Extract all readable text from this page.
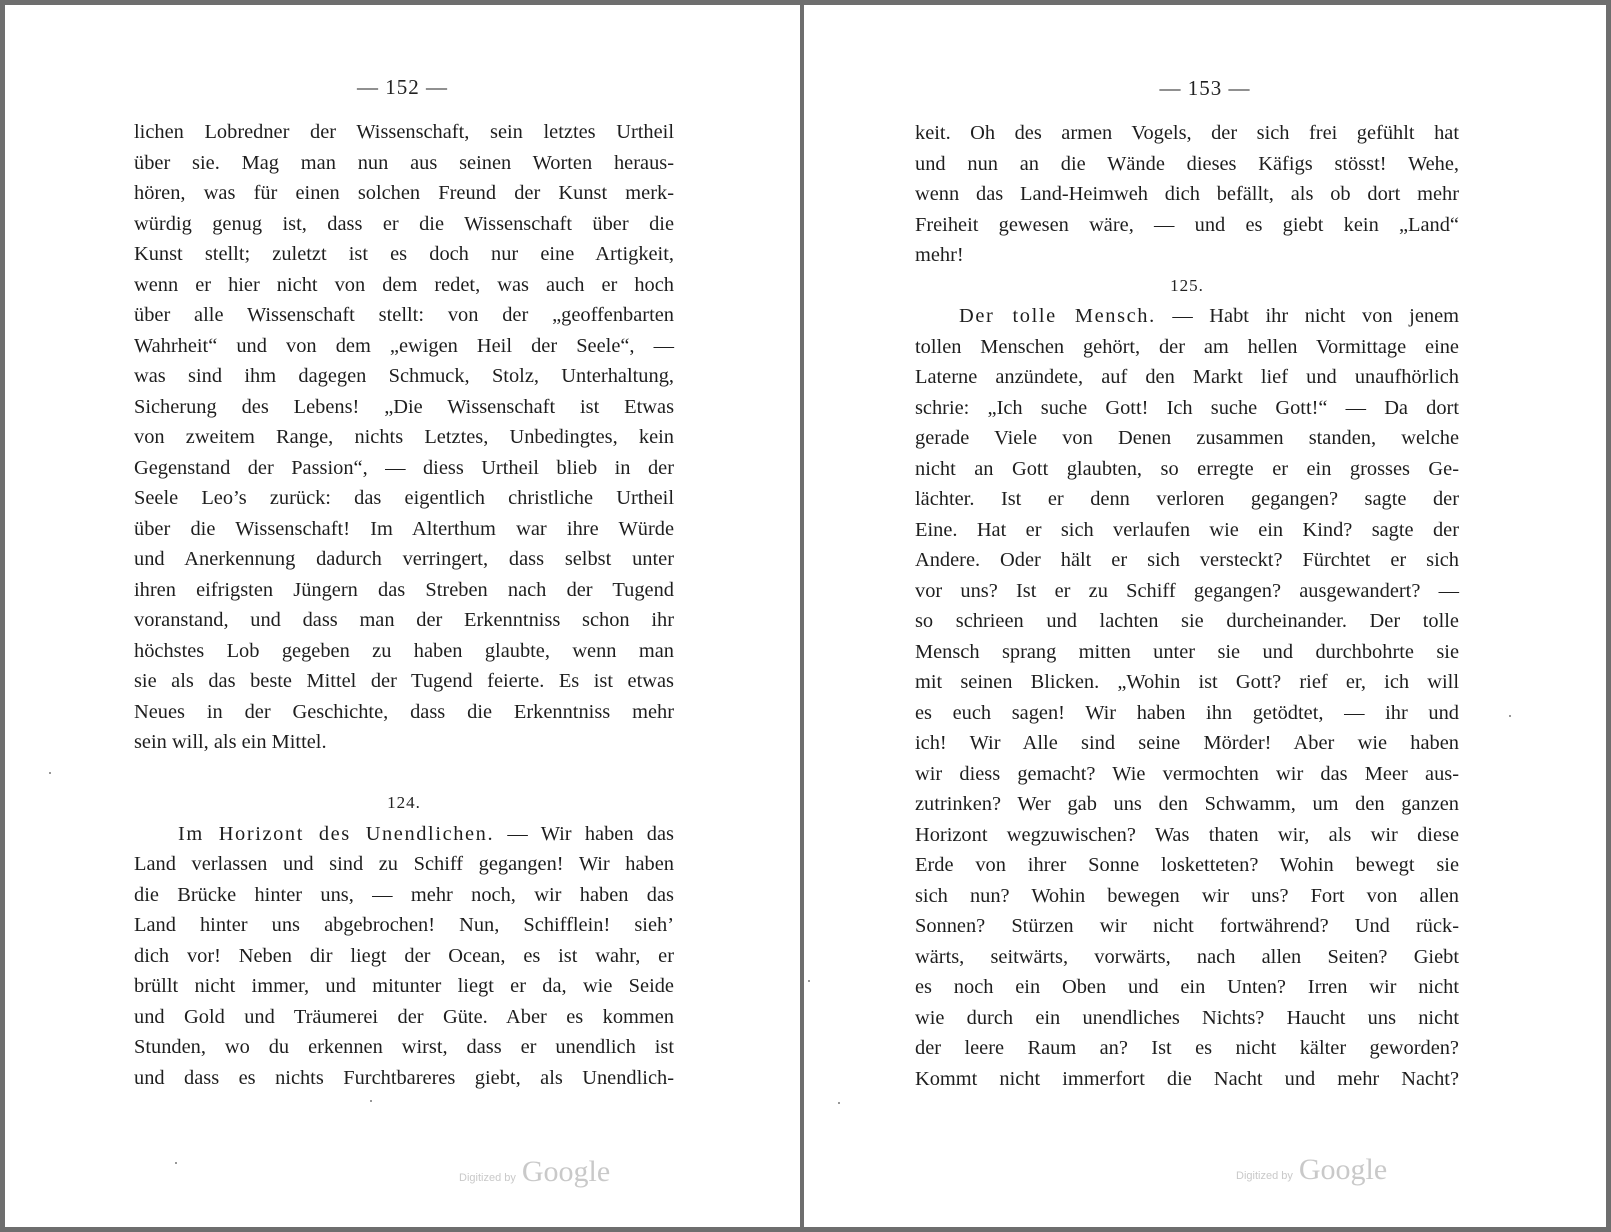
— 152 —
lichen Lobredner der Wissenschaft, sein letztes Urtheil
über sie. Mag man nun aus seinen Worten heraus-
hören, was für einen solchen Freund der Kunst merk-
würdig genug ist, dass er die Wissenschaft über die
Kunst stellt; zuletzt ist es doch nur eine Artigkeit,
wenn er hier nicht von dem redet, was auch er hoch
über alle Wissenschaft stellt: von der „geoffenbarten
Wahrheit“ und von dem „ewigen Heil der Seele“, —
was sind ihm dagegen Schmuck, Stolz, Unterhaltung,
Sicherung des Lebens! „Die Wissenschaft ist Etwas
von zweitem Range, nichts Letztes, Unbedingtes, kein
Gegenstand der Passion“, — diess Urtheil blieb in der
Seele Leo’s zurück: das eigentlich christliche Urtheil
über die Wissenschaft! Im Alterthum war ihre Würde
und Anerkennung dadurch verringert, dass selbst unter
ihren eifrigsten Jüngern das Streben nach der Tugend
voranstand, und dass man der Erkenntniss schon ihr
höchstes Lob gegeben zu haben glaubte, wenn man
sie als das beste Mittel der Tugend feierte. Es ist etwas
Neues in der Geschichte, dass die Erkenntniss mehr
sein will, als ein Mittel.
124.
Im Horizont des Unendlichen. — Wir haben das
Land verlassen und sind zu Schiff gegangen! Wir haben
die Brücke hinter uns, — mehr noch, wir haben das
Land hinter uns abgebrochen! Nun, Schifflein! sieh’
dich vor! Neben dir liegt der Ocean, es ist wahr, er
brüllt nicht immer, und mitunter liegt er da, wie Seide
und Gold und Träumerei der Güte. Aber es kommen
Stunden, wo du erkennen wirst, dass er unendlich ist
und dass es nichts Furchtbareres giebt, als Unendlich-
Digitized by Google
— 153 —
keit. Oh des armen Vogels, der sich frei gefühlt hat
und nun an die Wände dieses Käfigs stösst! Wehe,
wenn das Land-Heimweh dich befällt, als ob dort mehr
Freiheit gewesen wäre, — und es giebt kein „Land“
mehr!
125.
Der tolle Mensch. — Habt ihr nicht von jenem
tollen Menschen gehört, der am hellen Vormittage eine
Laterne anzündete, auf den Markt lief und unaufhörlich
schrie: „Ich suche Gott! Ich suche Gott!“ — Da dort
gerade Viele von Denen zusammen standen, welche
nicht an Gott glaubten, so erregte er ein grosses Ge-
lächter. Ist er denn verloren gegangen? sagte der
Eine. Hat er sich verlaufen wie ein Kind? sagte der
Andere. Oder hält er sich versteckt? Fürchtet er sich
vor uns? Ist er zu Schiff gegangen? ausgewandert? —
so schrieen und lachten sie durcheinander. Der tolle
Mensch sprang mitten unter sie und durchbohrte sie
mit seinen Blicken. „Wohin ist Gott? rief er, ich will
es euch sagen! Wir haben ihn getödtet, — ihr und
ich! Wir Alle sind seine Mörder! Aber wie haben
wir diess gemacht? Wie vermochten wir das Meer aus-
zutrinken? Wer gab uns den Schwamm, um den ganzen
Horizont wegzuwischen? Was thaten wir, als wir diese
Erde von ihrer Sonne losketteten? Wohin bewegt sie
sich nun? Wohin bewegen wir uns? Fort von allen
Sonnen? Stürzen wir nicht fortwährend? Und rück-
wärts, seitwärts, vorwärts, nach allen Seiten? Giebt
es noch ein Oben und ein Unten? Irren wir nicht
wie durch ein unendliches Nichts? Haucht uns nicht
der leere Raum an? Ist es nicht kälter geworden?
Kommt nicht immerfort die Nacht und mehr Nacht?
Digitized by Google
